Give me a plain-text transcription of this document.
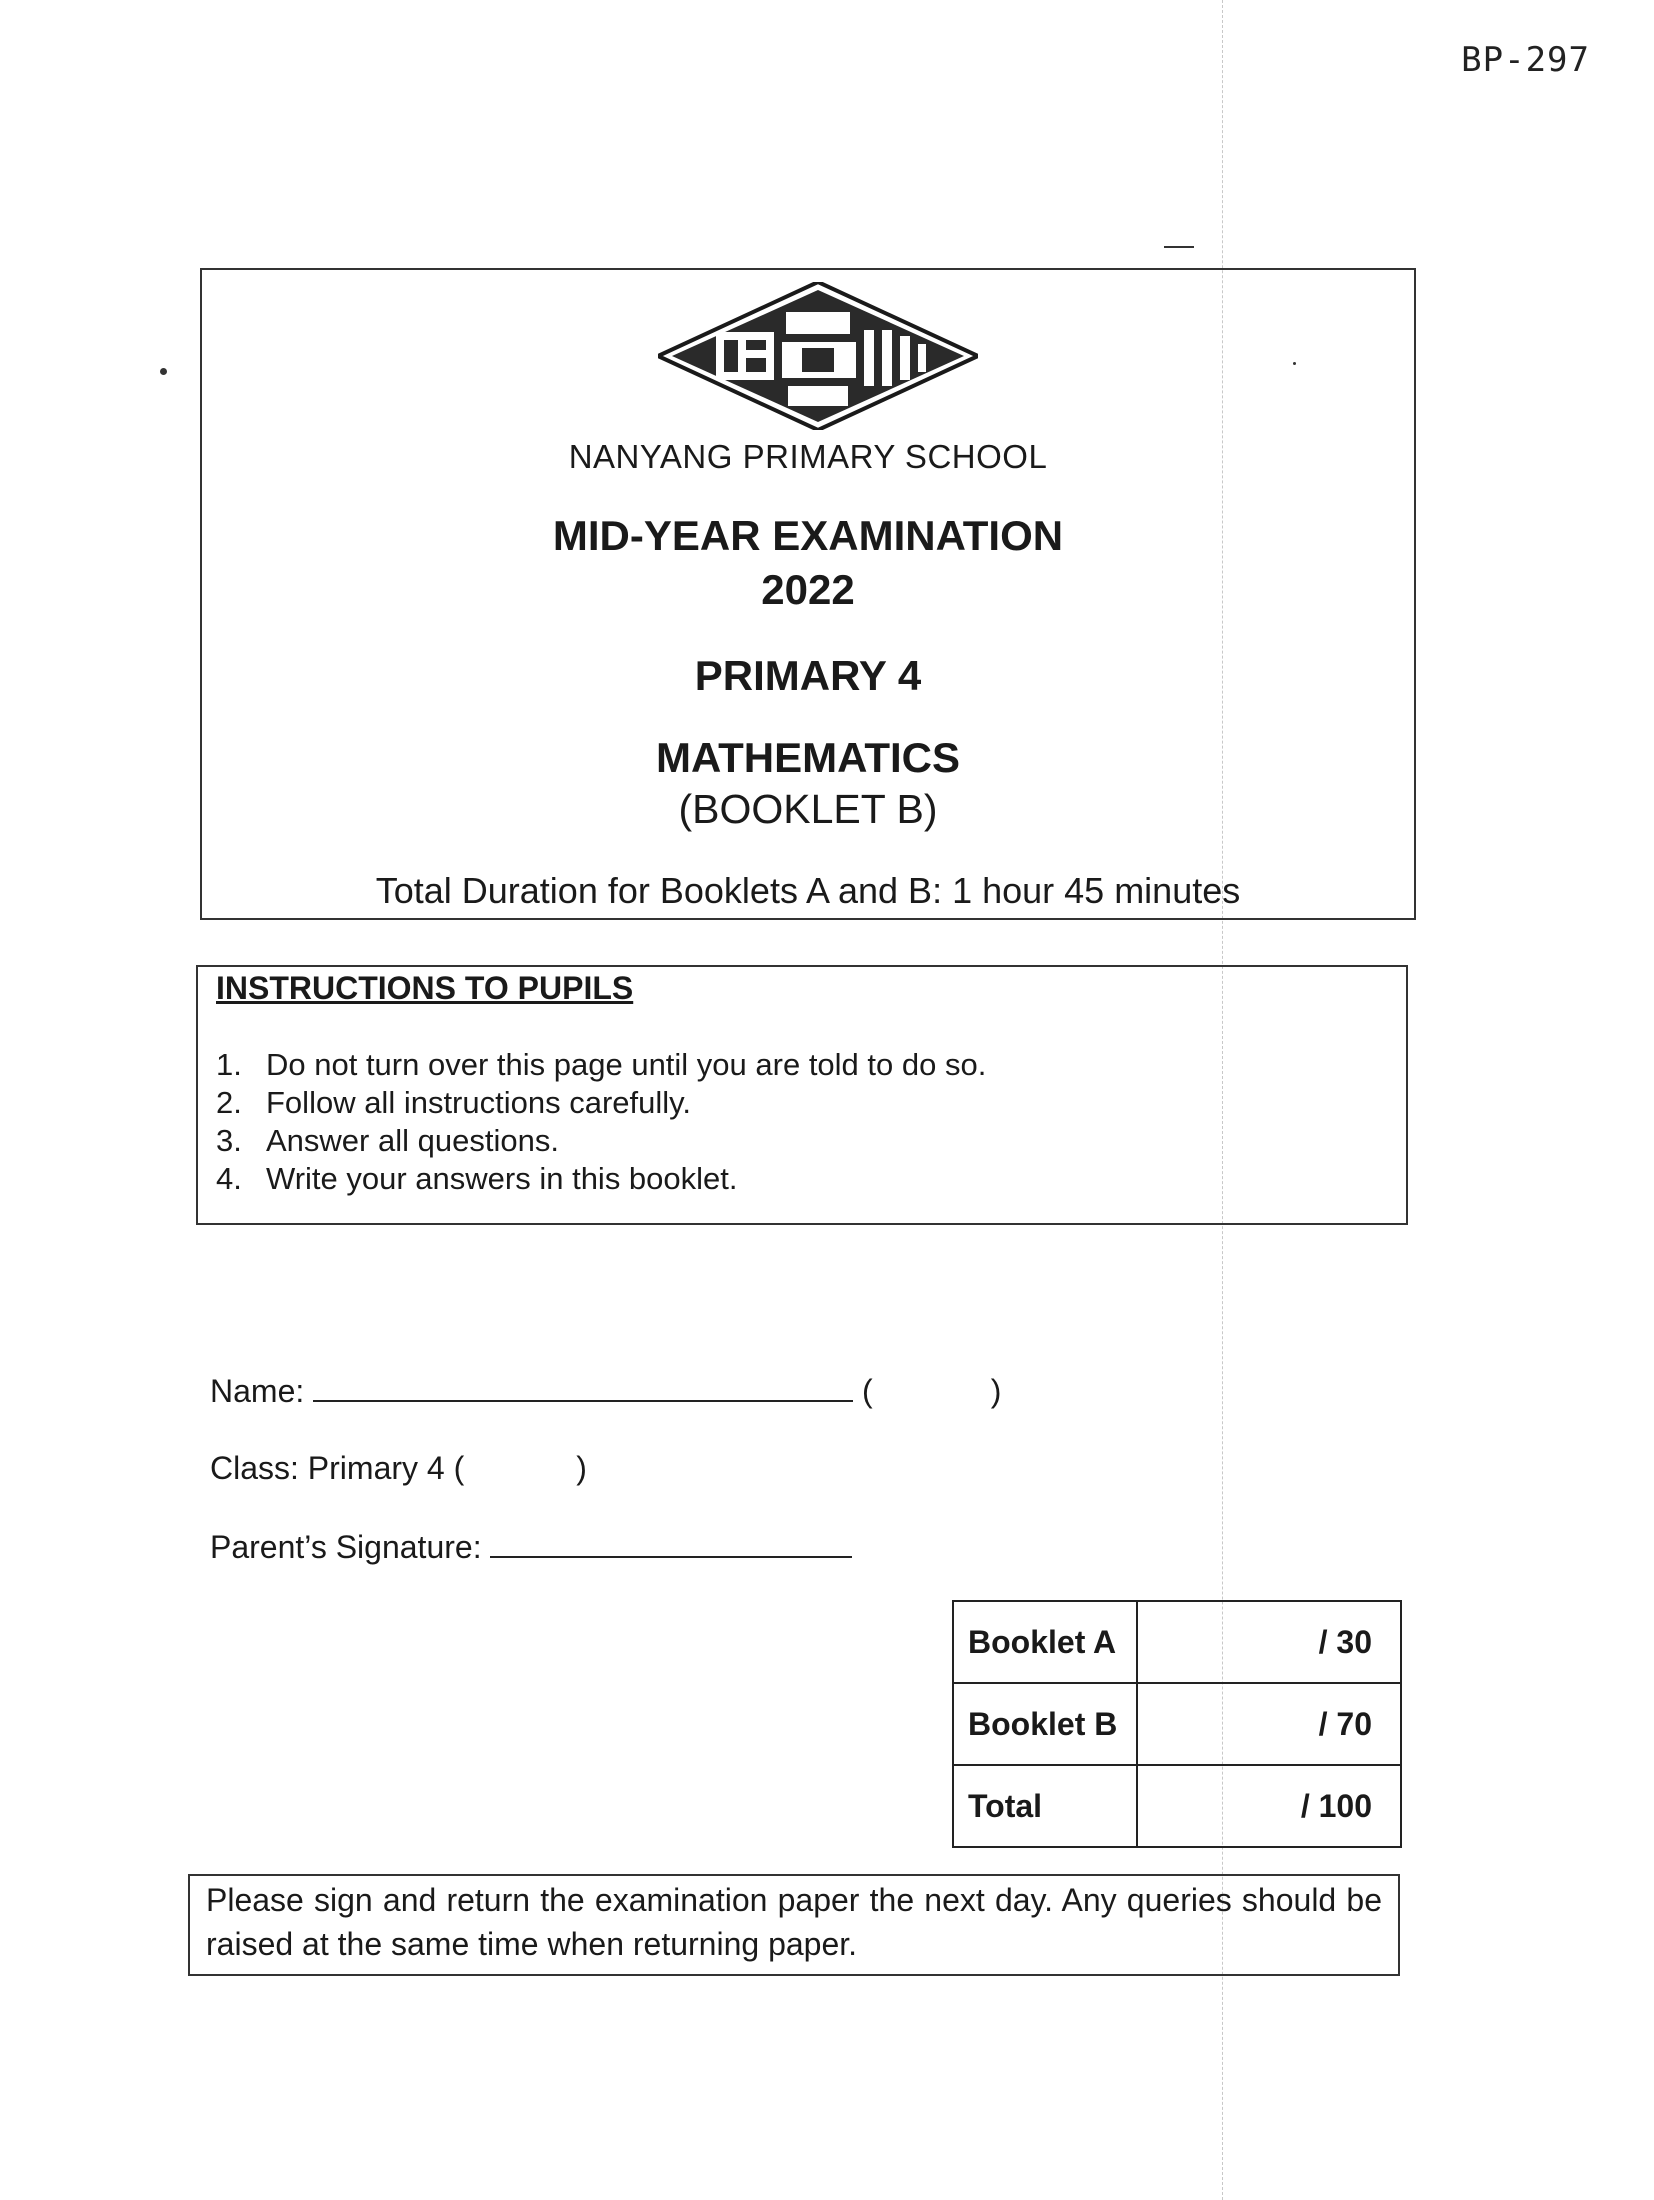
BP-297
NANYANG PRIMARY SCHOOL
MID-YEAR EXAMINATION
2022
PRIMARY 4
MATHEMATICS
(BOOKLET B)
Total Duration for Booklets A and B: 1 hour 45 minutes
INSTRUCTIONS TO PUPILS
1. Do not turn over this page until you are told to do so.
2. Follow all instructions carefully.
3. Answer all questions.
4. Write your answers in this booklet.
Name:	(	)
Class: Primary 4 (	)
Parent’s Signature:
Booklet A	/ 30
Booklet B	/ 70
Total	/ 100
Please sign and return the examination paper the next day. Any queries should be raised at the same time when returning paper.
